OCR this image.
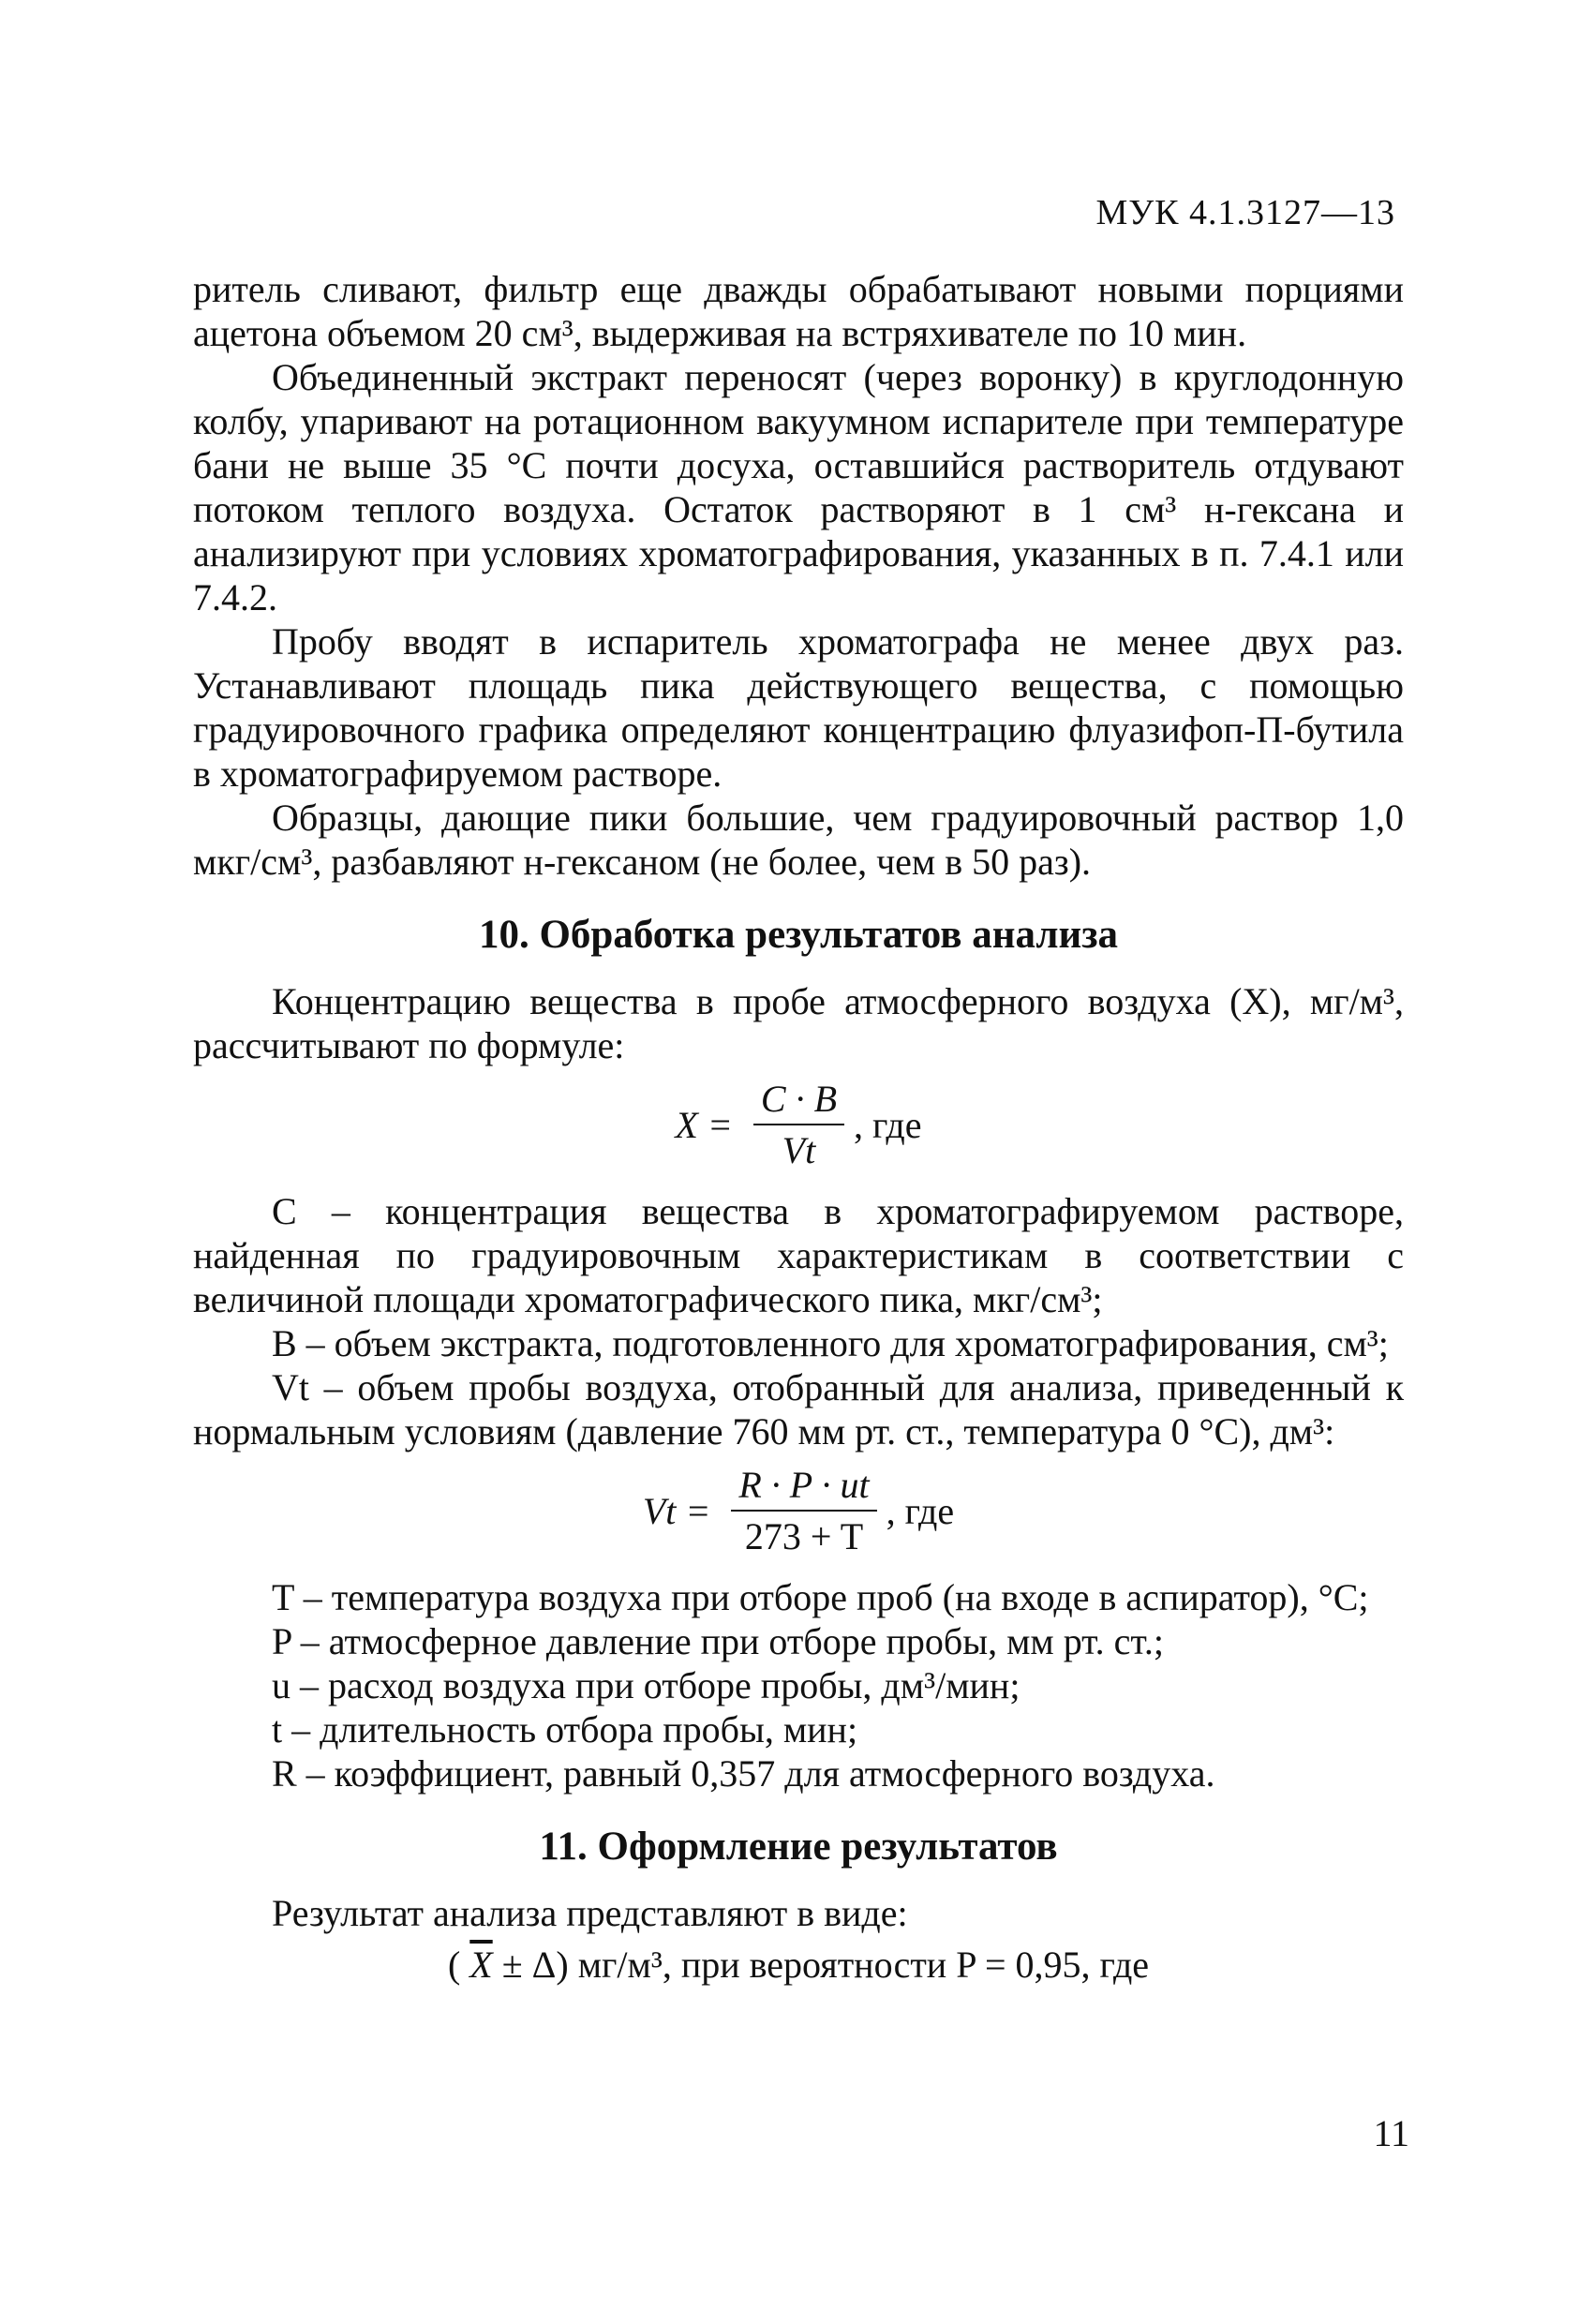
МУК 4.1.3127—13

ритель сливают, фильтр еще дважды обрабатывают новыми порциями ацетона объемом 20 см³, выдерживая на встряхивателе по 10 мин.

Объединенный экстракт переносят (через воронку) в круглодонную колбу, упаривают на ротационном вакуумном испарителе при температуре бани не выше 35 °С почти досуха, оставшийся растворитель отдувают потоком теплого воздуха. Остаток растворяют в 1 см³ н-гексана и анализируют при условиях хроматографирования, указанных в п. 7.4.1 или 7.4.2.

Пробу вводят в испаритель хроматографа не менее двух раз. Устанавливают площадь пика действующего вещества, с помощью градуировочного графика определяют концентрацию флуазифоп-П-бутила в хроматографируемом растворе.

Образцы, дающие пики большие, чем градуировочный раствор 1,0 мкг/см³, разбавляют н-гексаном (не более, чем в 50 раз).

10. Обработка результатов анализа

Концентрацию вещества в пробе атмосферного воздуха (X), мг/м³, рассчитывают по формуле:

$X = \frac{C \cdot B}{Vt}$ , где

C – концентрация вещества в хроматографируемом растворе, найденная по градуировочным характеристикам в соответствии с величиной площади хроматографического пика, мкг/см³;

B – объем экстракта, подготовленного для хроматографирования, см³;

Vt – объем пробы воздуха, отобранный для анализа, приведенный к нормальным условиям (давление 760 мм рт. ст., температура 0 °С), дм³:

$Vt = \frac{R \cdot P \cdot ut}{273 + T}$ , где

T – температура воздуха при отборе проб (на входе в аспиратор), °С;

P – атмосферное давление при отборе пробы, мм рт. ст.;

u – расход воздуха при отборе пробы, дм³/мин;

t – длительность отбора пробы, мин;

R – коэффициент, равный 0,357 для атмосферного воздуха.

11. Оформление результатов

Результат анализа представляют в виде:

( $\overline{X} \pm \Delta$) мг/м³, при вероятности P = 0,95, где

11
